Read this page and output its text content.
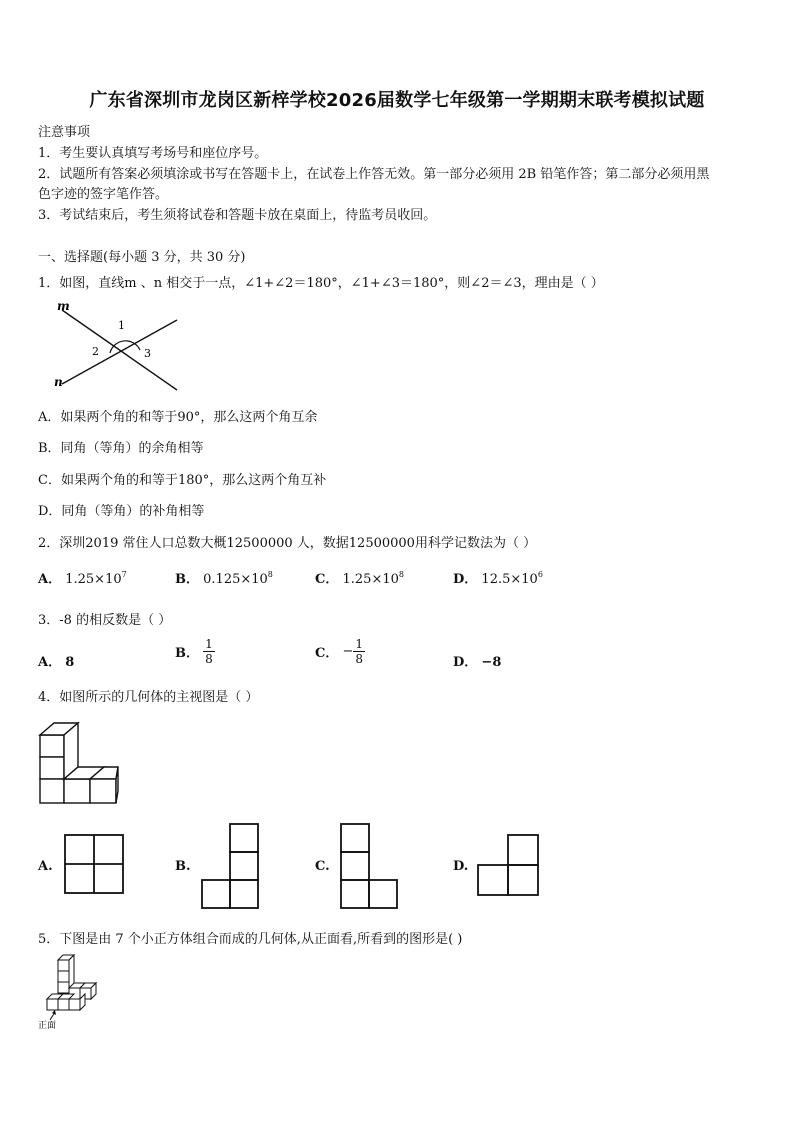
广东省深圳市龙岗区新梓学校2026届数学七年级第一学期期末联考模拟试题
注意事项
1．考生要认真填写考场号和座位序号。
2．试题所有答案必须填涂或书写在答题卡上，在试卷上作答无效。第一部分必须用 2B 铅笔作答；第二部分必须用黑
色字迹的签字笔作答。
3．考试结束后，考生须将试卷和答题卡放在桌面上，待监考员收回。
一、选择题(每小题 3 分，共 30 分)
1．如图，直线m 、n 相交于一点，∠1+∠2＝180°，∠1+∠3＝180°，则∠2＝∠3，理由是（ ）
m
n
1
2	3
A．如果两个角的和等于90°，那么这两个角互余
B．同角（等角）的余角相等
C．如果两个角的和等于180°，那么这两个角互补
D．同角（等角）的补角相等
2．深圳2019 常住人口总数大概12500000 人，数据12500000用科学记数法为（ ）
A． $1.25\times 10^7$	B． $0.125\times 10^8$	C． $1.25\times 10^8$	D． $12.5\times 10^6$
3．-8 的相反数是（ ）
A． 8
B． $\frac{1}{8}$	C． − $\frac{1}{8}$	D． −8
4．如图所示的几何体的主视图是（ ）
A.	B.	C.	D.
5．下图是由 7 个小正方体组合而成的几何体,从正面看,所看到的图形是( )
正面
